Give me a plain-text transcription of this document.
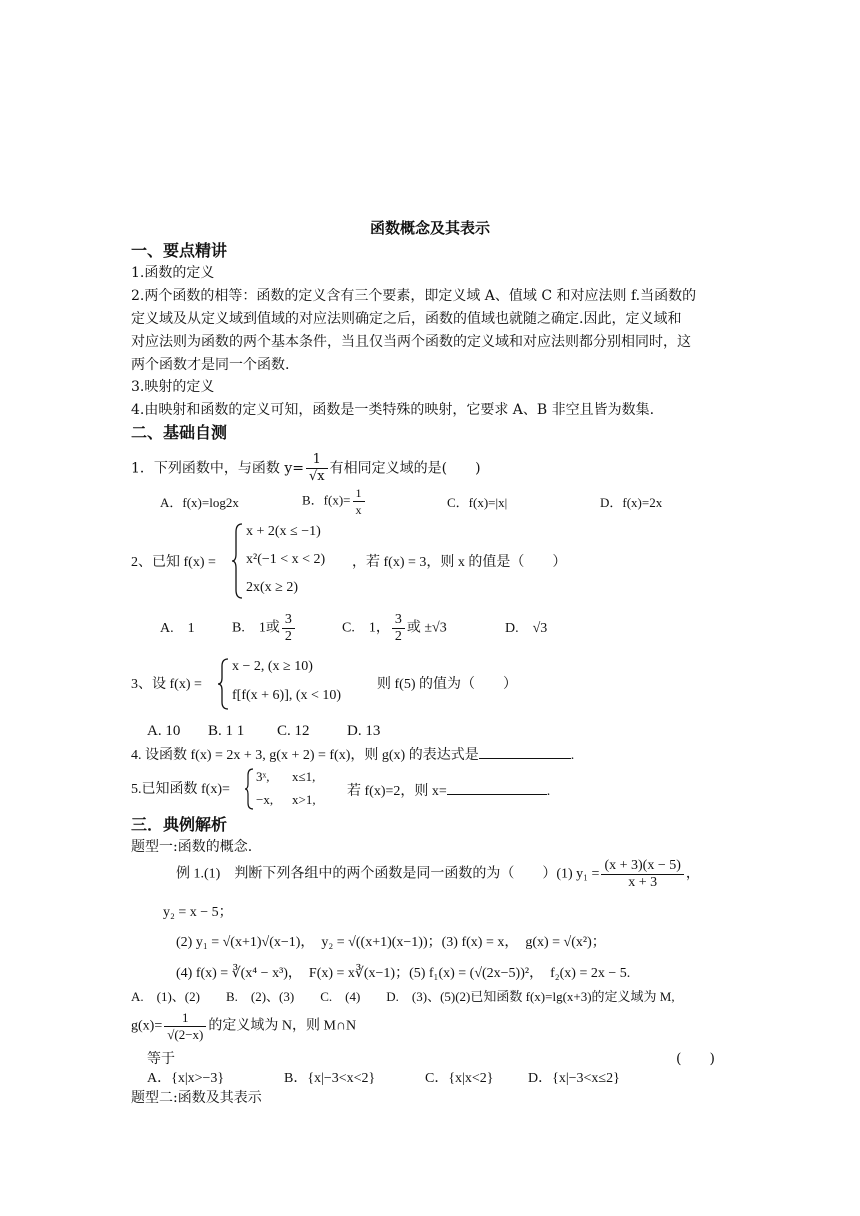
函数概念及其表示
一、要点精讲
1.函数的定义
2.两个函数的相等：函数的定义含有三个要素，即定义域 A、值域 C 和对应法则 f.当函数的
定义域及从定义域到值域的对应法则确定之后，函数的值域也就随之确定.因此，定义域和
对应法则为函数的两个基本条件，当且仅当两个函数的定义域和对应法则都分别相同时，这
两个函数才是同一个函数.
3.映射的定义
4.由映射和函数的定义可知，函数是一类特殊的映射，它要求 A、B 非空且皆为数集.
二、基础自测
1．下列函数中，与函数 $y= \frac{1}{√x}$ 有相同定义域的是(　　)
A．f(x)=log2x	B．$f(x)= \frac{1}{x}$	C．f(x)=|x|	D．f(x)=2x
2、已知 f(x) =
x + 2(x ≤ −1)
x²(−1 < x < 2)
2x(x ≥ 2)
，若 f(x) = 3，则 x 的值是（　　）
A.　1	B.　1或 $\frac{3}{2}$	C.　1， $\frac{3}{2}$ 或 ±√3	D.　√3
3、设 f(x) =
x − 2, (x ≥ 10)
f[f(x + 6)], (x < 10)
则 f(5) 的值为（　　）
A. 10 B. 1 1 C. 12 D. 13
4. 设函数 f(x) = 2x + 3, g(x + 2) = f(x)，则 g(x) 的表达式是	.
5.已知函数 f(x)=
3ˣ, x≤1,
−x, x>1,
若 f(x)=2，则 x=	.
三．典例解析
题型一:函数的概念.
例 1.(1)　判断下列各组中的两个函数是同一函数的为（　　）(1) $y_1 = \frac{(x + 3)(x - 5)}{x + 3}$ ，
y₂ = x − 5；
(2) y₁ = √(x+1)√(x−1)，　y₂ = √((x+1)(x−1))；(3) f(x) = x，　g(x) = √(x²)；
(4) f(x) = ∛(x⁴ − x³)，　F(x) = x∛(x−1)；(5) f₁(x) = (√(2x−5))²，　f₂(x) = 2x − 5.
A.　(1)、(2)　　B.　(2)、(3)　　C.　(4)　　D.　(3)、(5)(2)已知函数 f(x)=lg(x+3)的定义域为 M,
$g(x)= \frac{1}{√(2-x)}$ 的定义域为 N，则 M∩N
等于	(　　)
A．{x|x>−3}	B．{x|−3<x<2}	C．{x|x<2} D．{x|−3<x≤2}
题型二:函数及其表示
